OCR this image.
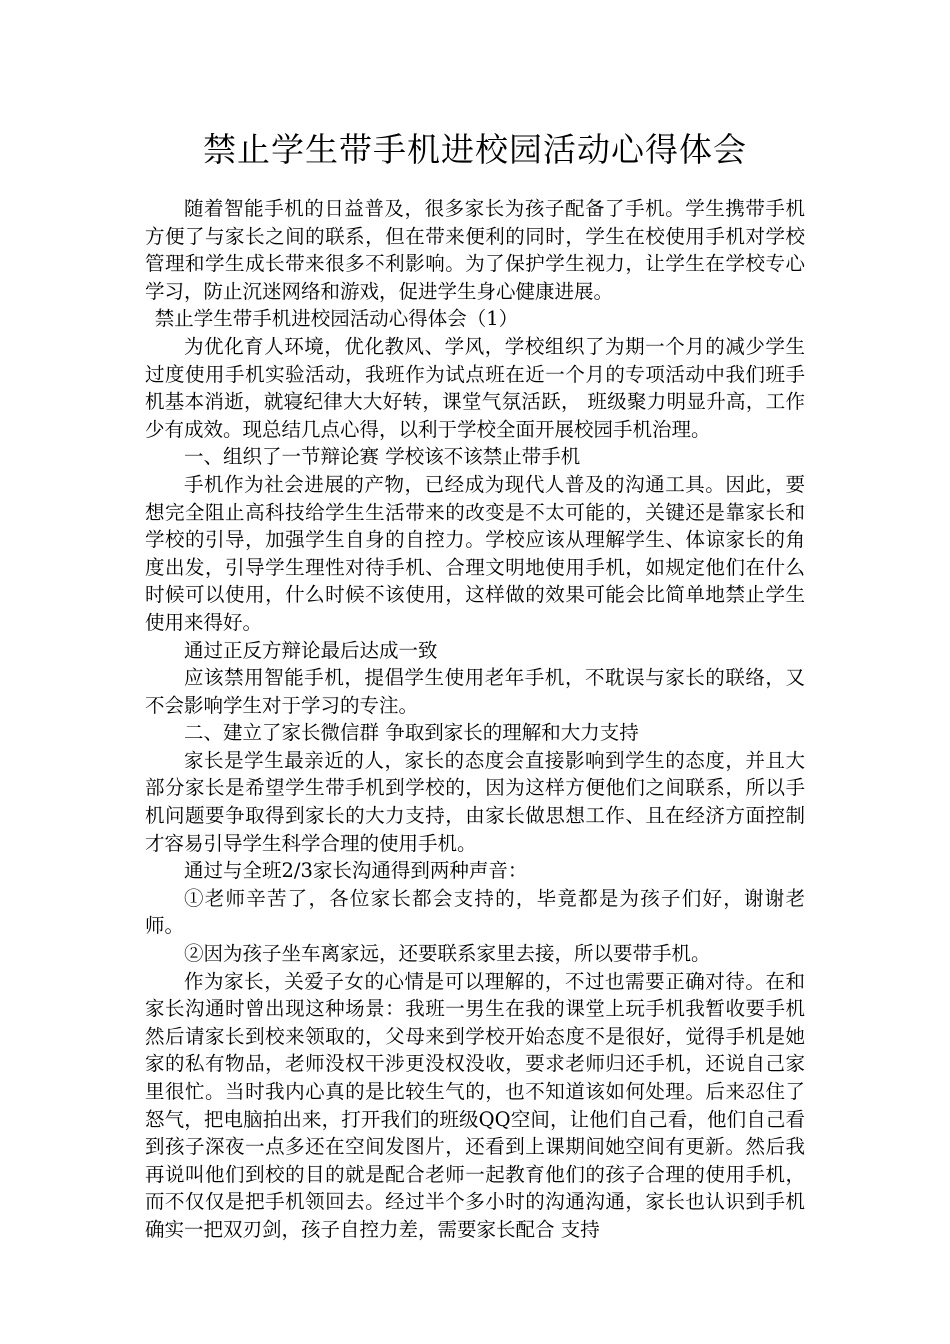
禁止学生带手机进校园活动心得体会

随着智能手机的日益普及，很多家长为孩子配备了手机。学生携带手机方便了与家长之间的联系，但在带来便利的同时，学生在校使用手机对学校管理和学生成长带来很多不利影响。为了保护学生视力，让学生在学校专心学习，防止沉迷网络和游戏，促进学生身心健康进展。

禁止学生带手机进校园活动心得体会（1）

为优化育人环境，优化教风、学风，学校组织了为期一个月的减少学生过度使用手机实验活动，我班作为试点班在近一个月的专项活动中我们班手机基本消逝，就寝纪律大大好转，课堂气氛活跃， 班级聚力明显升高，工作少有成效。现总结几点心得，以利于学校全面开展校园手机治理。

一、组织了一节辩论赛 学校该不该禁止带手机

手机作为社会进展的产物，已经成为现代人普及的沟通工具。因此，要想完全阻止高科技给学生生活带来的改变是不太可能的，关键还是靠家长和学校的引导，加强学生自身的自控力。学校应该从理解学生、体谅家长的角度出发，引导学生理性对待手机、合理文明地使用手机，如规定他们在什么时候可以使用，什么时候不该使用，这样做的效果可能会比简单地禁止学生使用来得好。

通过正反方辩论最后达成一致

应该禁用智能手机，提倡学生使用老年手机，不耽误与家长的联络，又不会影响学生对于学习的专注。

二、建立了家长微信群 争取到家长的理解和大力支持

家长是学生最亲近的人，家长的态度会直接影响到学生的态度，并且大部分家长是希望学生带手机到学校的，因为这样方便他们之间联系，所以手机问题要争取得到家长的大力支持，由家长做思想工作、且在经济方面控制才容易引导学生科学合理的使用手机。

通过与全班2/3家长沟通得到两种声音：

①老师辛苦了，各位家长都会支持的，毕竟都是为孩子们好，谢谢老师。

②因为孩子坐车离家远，还要联系家里去接，所以要带手机。

作为家长，关爱子女的心情是可以理解的，不过也需要正确对待。在和家长沟通时曾出现这种场景：我班一男生在我的课堂上玩手机我暂收要手机然后请家长到校来领取的，父母来到学校开始态度不是很好，觉得手机是她家的私有物品，老师没权干涉更没权没收，要求老师归还手机，还说自己家里很忙。当时我内心真的是比较生气的，也不知道该如何处理。后来忍住了怒气，把电脑拍出来，打开我们的班级QQ空间，让他们自己看，他们自己看到孩子深夜一点多还在空间发图片，还看到上课期间她空间有更新。然后我再说叫他们到校的目的就是配合老师一起教育他们的孩子合理的使用手机，而不仅仅是把手机领回去。经过半个多小时的沟通沟通，家长也认识到手机确实一把双刃剑，孩子自控力差，需要家长配合 支持
